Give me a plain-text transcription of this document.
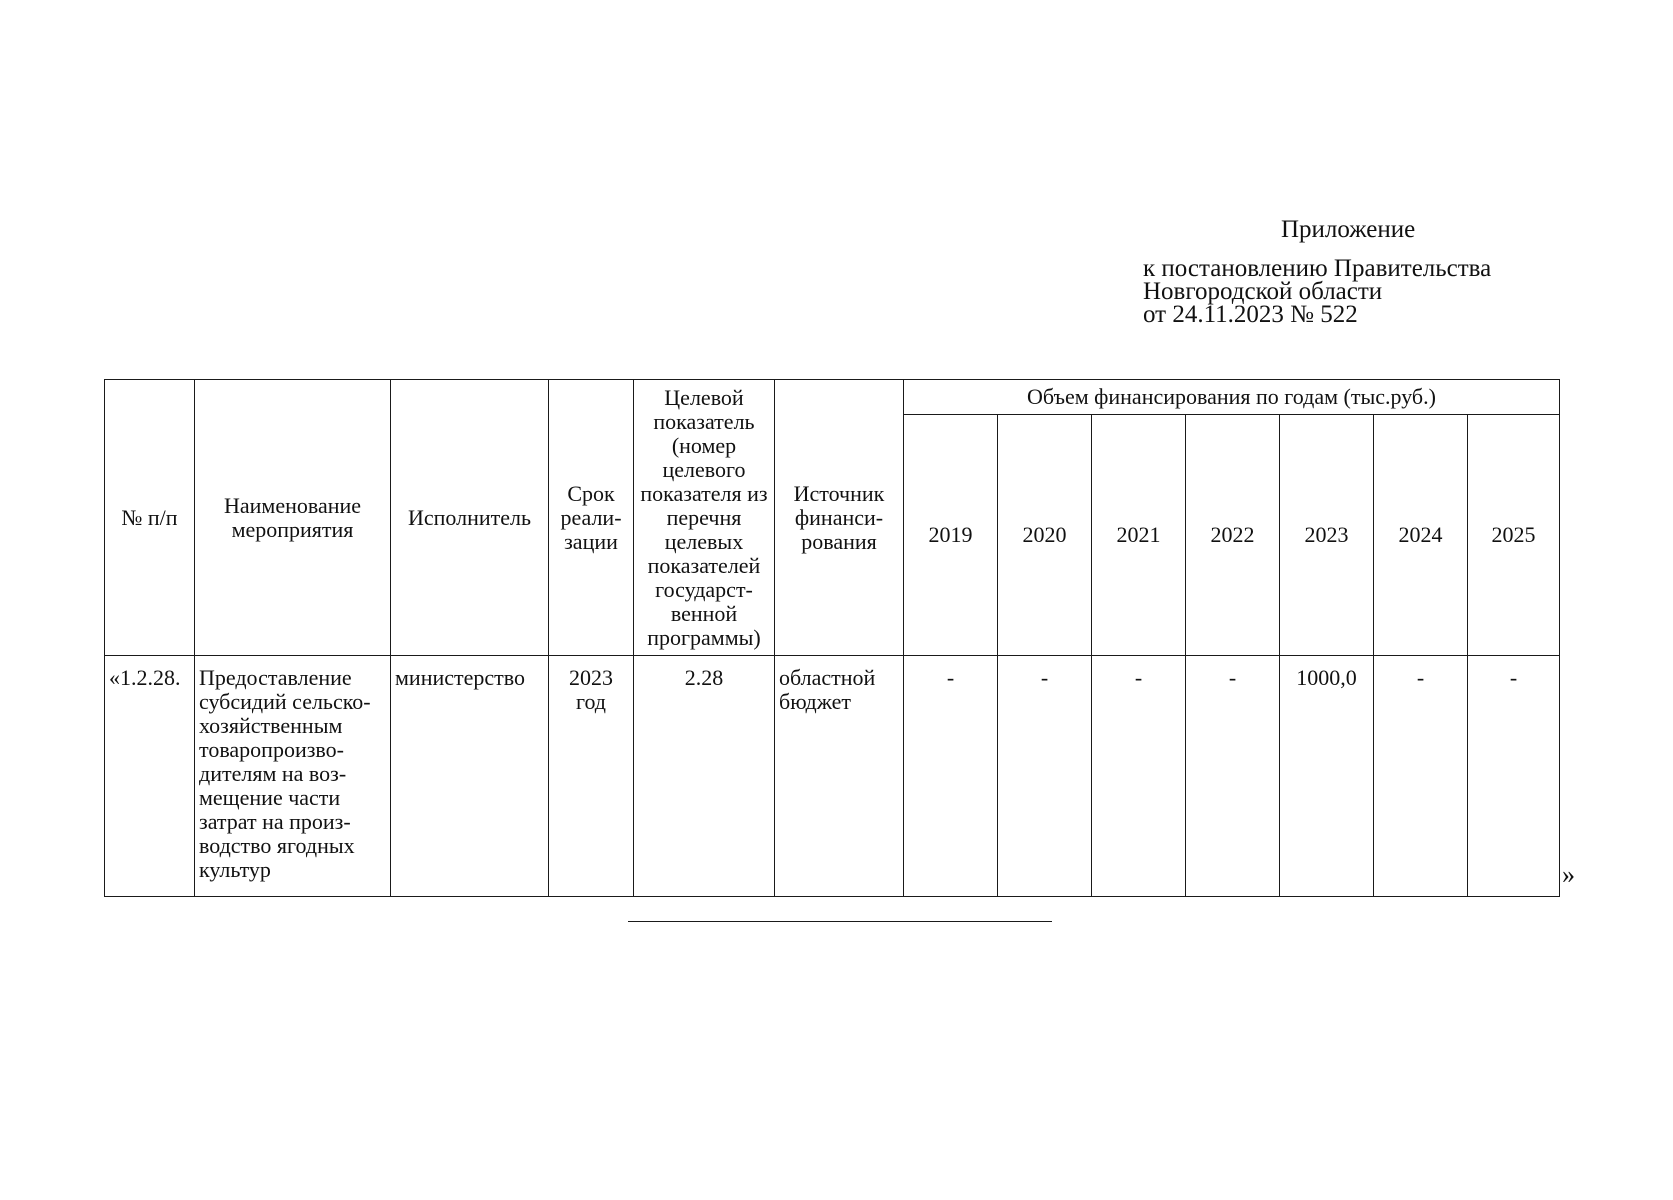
Приложение
к постановлению Правительства
Новгородской области
от 24.11.2023 № 522
№ п/п	Наименование мероприятия	Исполнитель	Срок реали-зации	Целевой показатель (номер целевого показателя из перечня целевых показателей государст-венной программы)	Источник финанси-рования	Объем финансирования по годам (тыс.руб.)						
						2019	2020	2021	2022	2023	2024	2025
«1.2.28.	Предоставление субсидий сельско-хозяйственным товаропроизво-дителям на воз-мещение части затрат на произ-водство ягодных культур	министерство	2023 год	2.28	областной бюджет	-	-	-	-	1000,0	-	-
»
